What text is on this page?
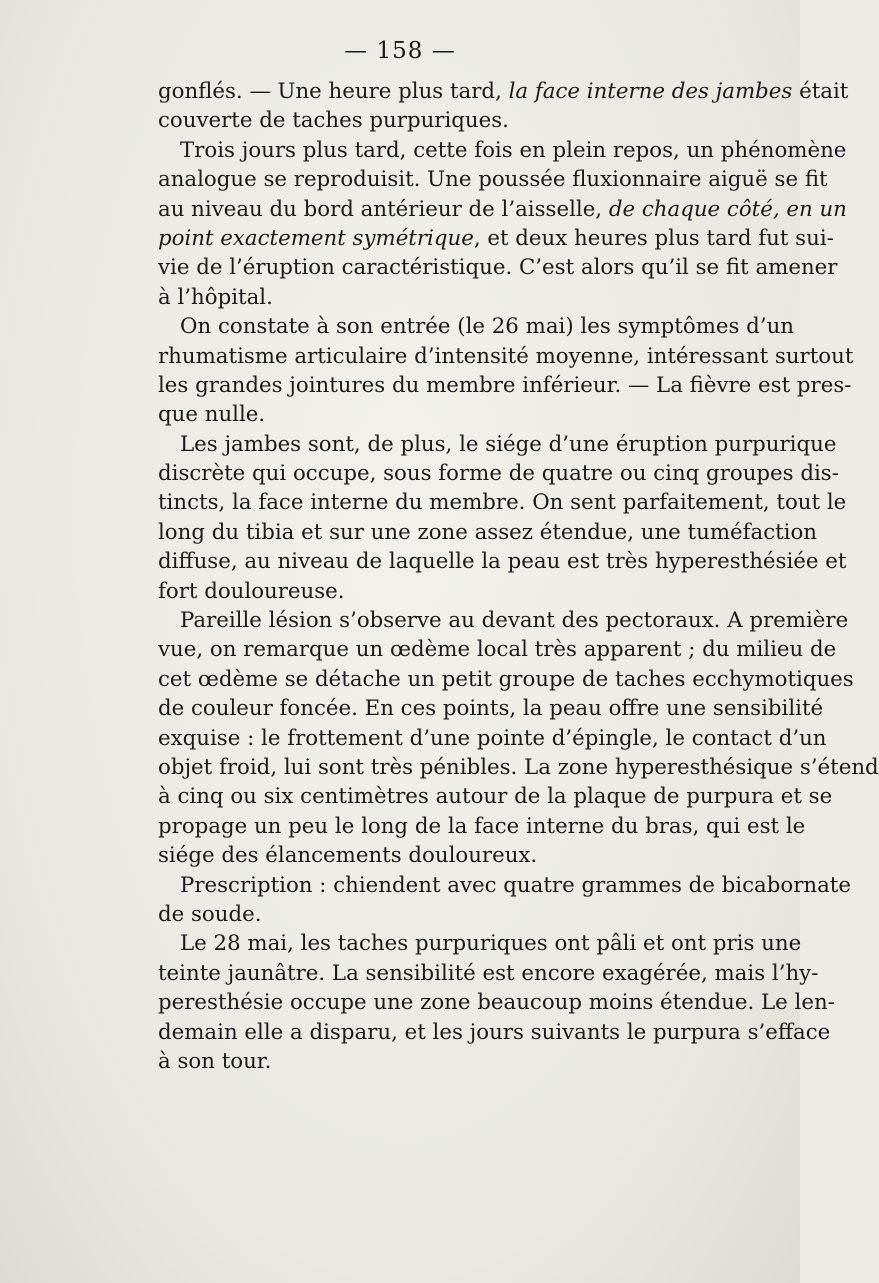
— 158 —
gonflés. — Une heure plus tard, la face interne des jambes était
couverte de taches purpuriques.
Trois jours plus tard, cette fois en plein repos, un phénomène
analogue se reproduisit. Une poussée fluxionnaire aiguë se fit
au niveau du bord antérieur de l’aisselle, de chaque côté, en un
point exactement symétrique, et deux heures plus tard fut sui-
vie de l’éruption caractéristique. C’est alors qu’il se fit amener
à l’hôpital.
On constate à son entrée (le 26 mai) les symptômes d’un
rhumatisme articulaire d’intensité moyenne, intéressant surtout
les grandes jointures du membre inférieur. — La fièvre est pres-
que nulle.
Les jambes sont, de plus, le siége d’une éruption purpurique
discrète qui occupe, sous forme de quatre ou cinq groupes dis-
tincts, la face interne du membre. On sent parfaitement, tout le
long du tibia et sur une zone assez étendue, une tuméfaction
diffuse, au niveau de laquelle la peau est très hyperesthésiée et
fort douloureuse.
Pareille lésion s’observe au devant des pectoraux. A première
vue, on remarque un œdème local très apparent ; du milieu de
cet œdème se détache un petit groupe de taches ecchymotiques
de couleur foncée. En ces points, la peau offre une sensibilité
exquise : le frottement d’une pointe d’épingle, le contact d’un
objet froid, lui sont très pénibles. La zone hyperesthésique s’étend
à cinq ou six centimètres autour de la plaque de purpura et se
propage un peu le long de la face interne du bras, qui est le
siége des élancements douloureux.
Prescription : chiendent avec quatre grammes de bicabornate
de soude.
Le 28 mai, les taches purpuriques ont pâli et ont pris une
teinte jaunâtre. La sensibilité est encore exagérée, mais l’hy-
peresthésie occupe une zone beaucoup moins étendue. Le len-
demain elle a disparu, et les jours suivants le purpura s’efface
à son tour.
